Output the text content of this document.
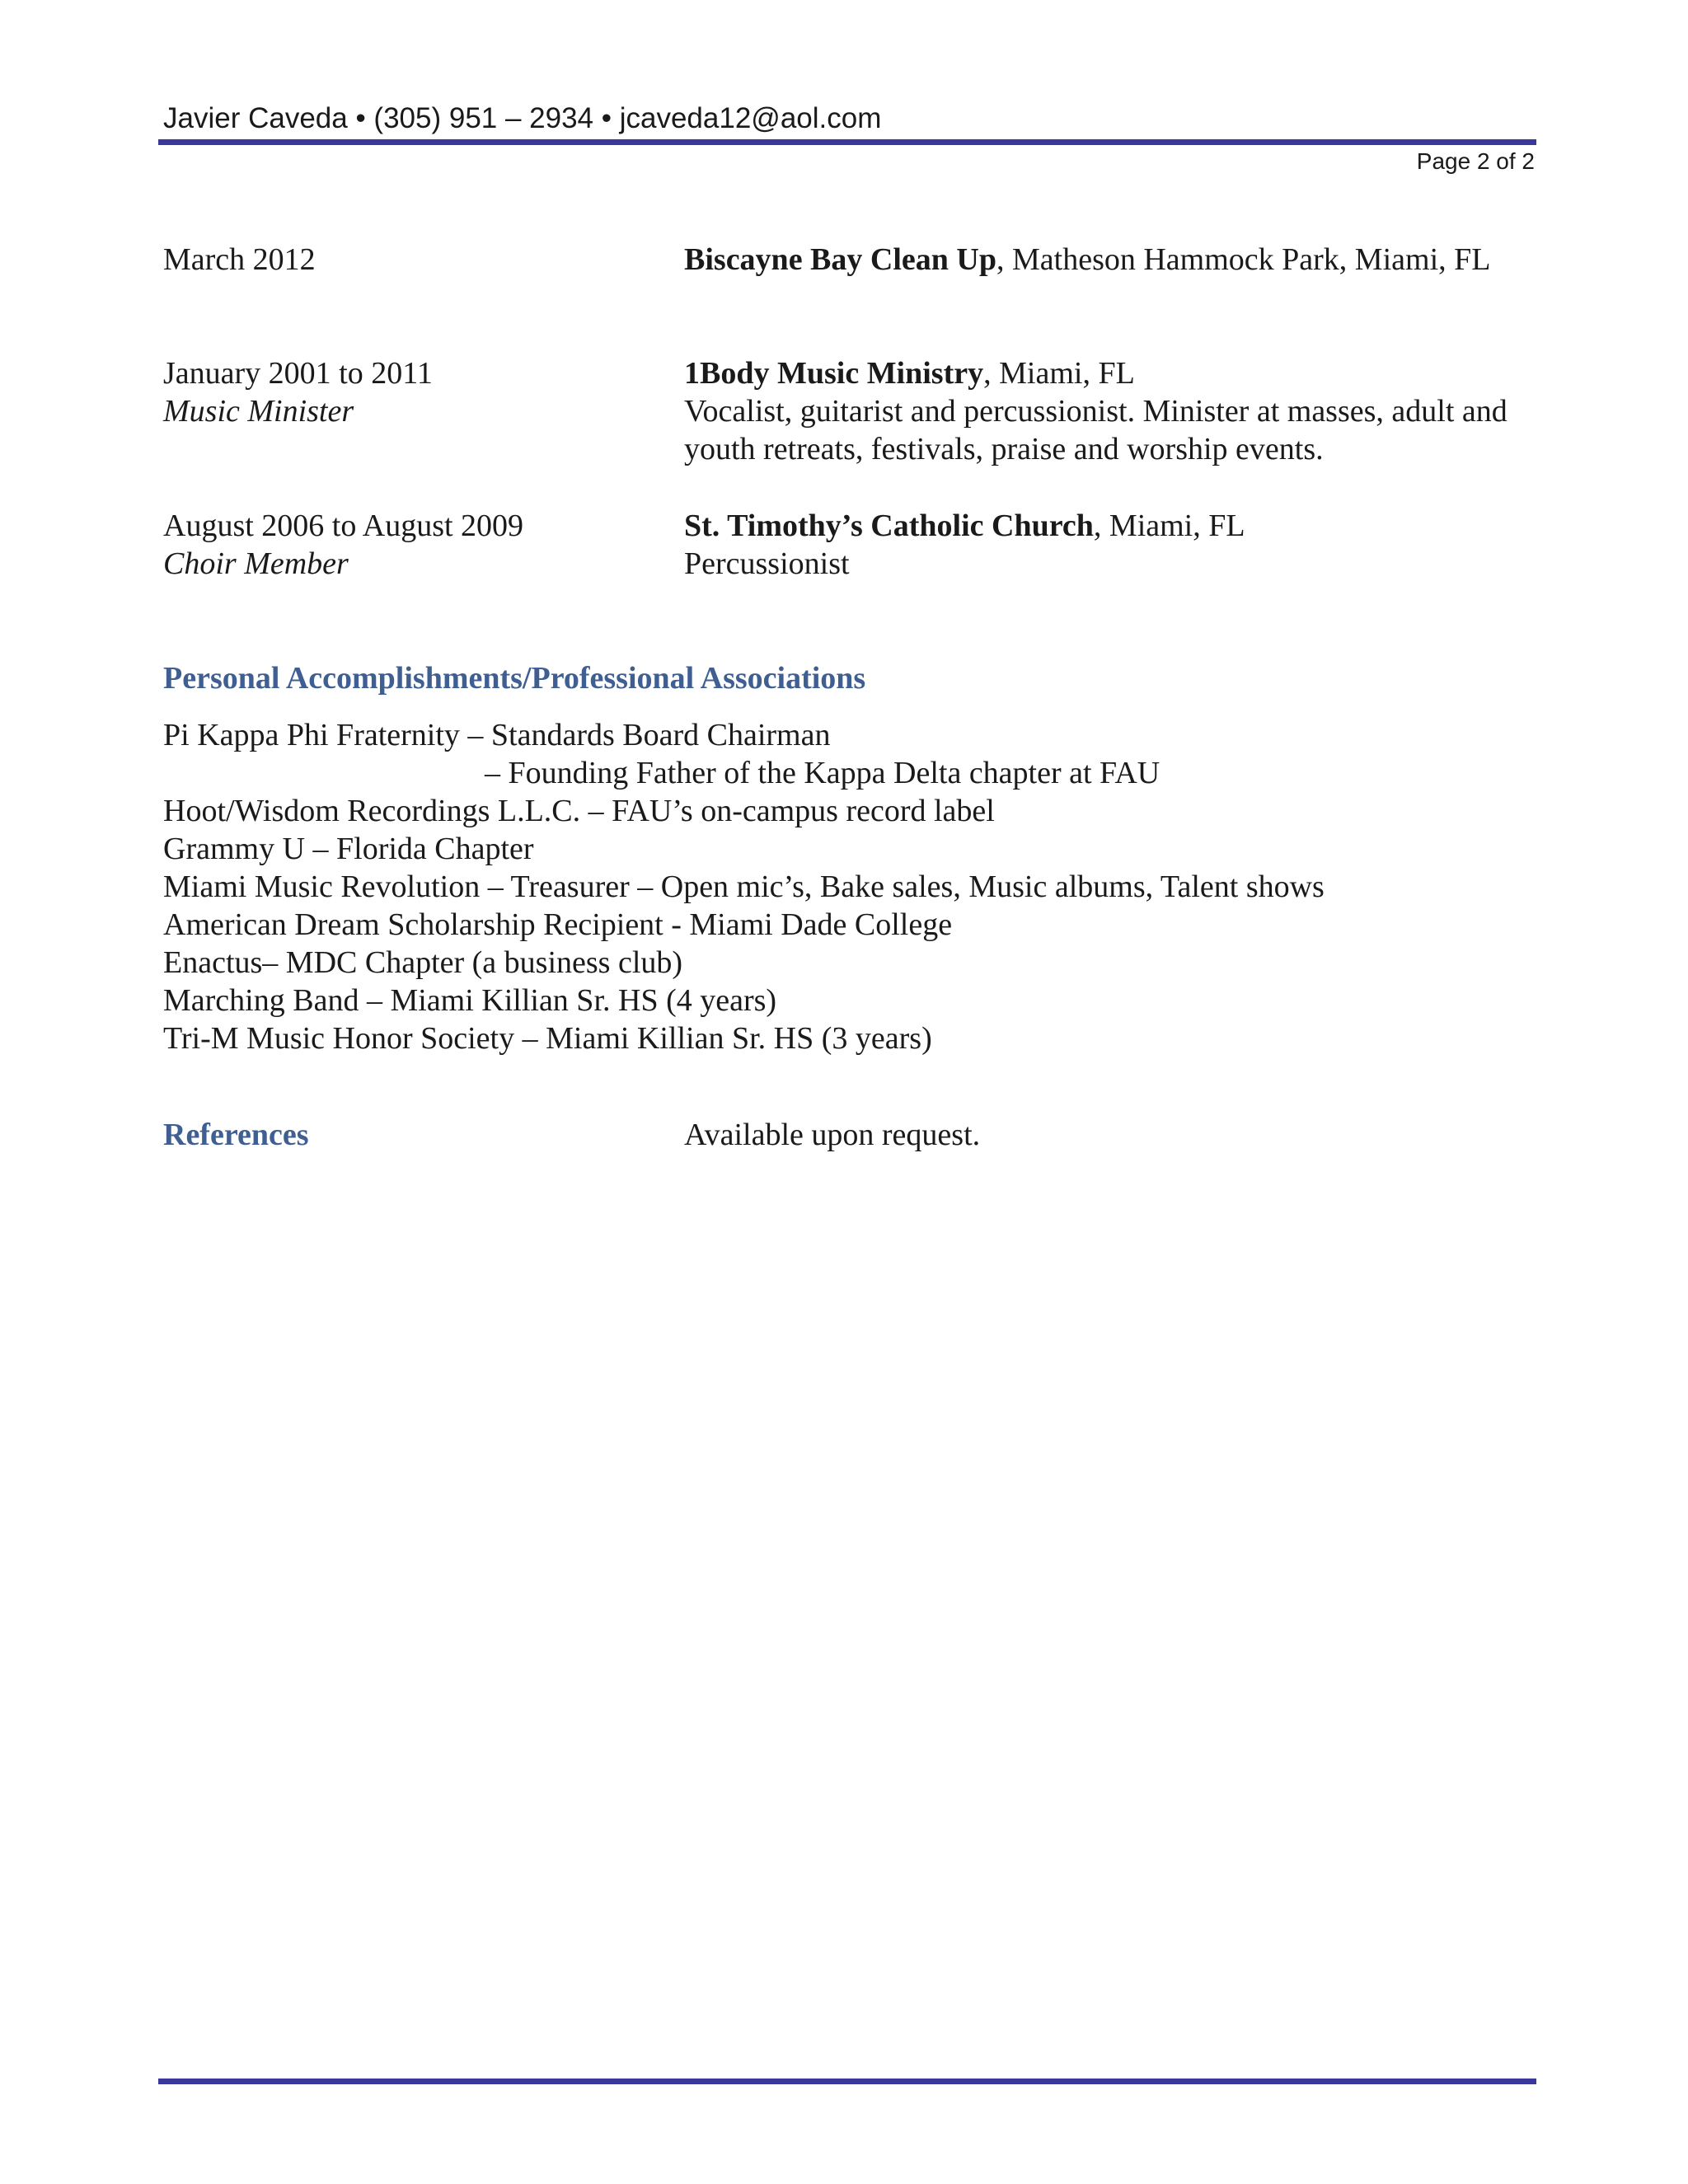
Javier Caveda • (305) 951 – 2934 • jcaveda12@aol.com
Page 2 of 2
March 2012	Biscayne Bay Clean Up, Matheson Hammock Park, Miami, FL
January 2001 to 2011
Music Minister
1Body Music Ministry, Miami, FL
Vocalist, guitarist and percussionist. Minister at masses, adult and youth retreats, festivals, praise and worship events.
August 2006 to August 2009
Choir Member
St. Timothy’s Catholic Church, Miami, FL
Percussionist
Personal Accomplishments/Professional Associations
Pi Kappa Phi Fraternity – Standards Board Chairman
– Founding Father of the Kappa Delta chapter at FAU
Hoot/Wisdom Recordings L.L.C. – FAU’s on-campus record label
Grammy U – Florida Chapter
Miami Music Revolution – Treasurer – Open mic’s, Bake sales, Music albums, Talent shows
American Dream Scholarship Recipient - Miami Dade College
Enactus– MDC Chapter (a business club)
Marching Band – Miami Killian Sr. HS (4 years)
Tri-M Music Honor Society – Miami Killian Sr. HS (3 years)
References	Available upon request.
